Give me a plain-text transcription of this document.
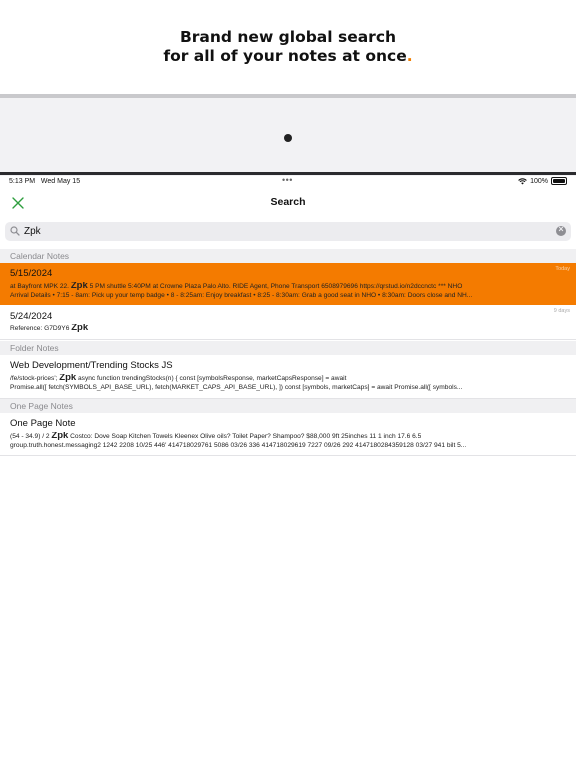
Brand new global search
for all of your notes at once.
5:13 PM Wed May 15	•••	100%
Search
Zpk
×
Calendar Notes
5/15/2024	Today
at Bayfront MPK 22. Zpk 5 PM shuttle 5:40PM at Crowne Plaza Palo Alto. RIDE Agent, Phone Transport 6508979696 https://qrstud.io/n2dccnctc *** NHO
Arrival Details • 7:15 - 8am: Pick up your temp badge • 8 - 8:25am: Enjoy breakfast • 8:25 - 8:30am: Grab a good seat in NHO • 8:30am: Doors close and NH...
5/24/2024	9 days
Reference: G7D9Y6 Zpk
Folder Notes
Web Development/Trending Stocks JS
/fe/stock-prices'; Zpk async function trendingStocks(n) { const [symbolsResponse, marketCapsResponse] = await
Promise.all([ fetch(SYMBOLS_API_BASE_URL), fetch(MARKET_CAPS_API_BASE_URL), ]) const [symbols, marketCaps] = await Promise.all([ symbols...
One Page Notes
One Page Note
(54 - 34.9) / 2 Zpk Costco: Dove Soap Kitchen Towels Kleenex Olive oils? Toilet Paper? Shampoo? $88,000 9ft 25inches 11 1 inch 17.6 6.5
group.truth.honest.messaging2 1242 2208 10/25 446' 414718029761 5086 03/26 336 414718029619 7227 09/26 292 414718028435912‌8 03/27 941 bilt 5...
